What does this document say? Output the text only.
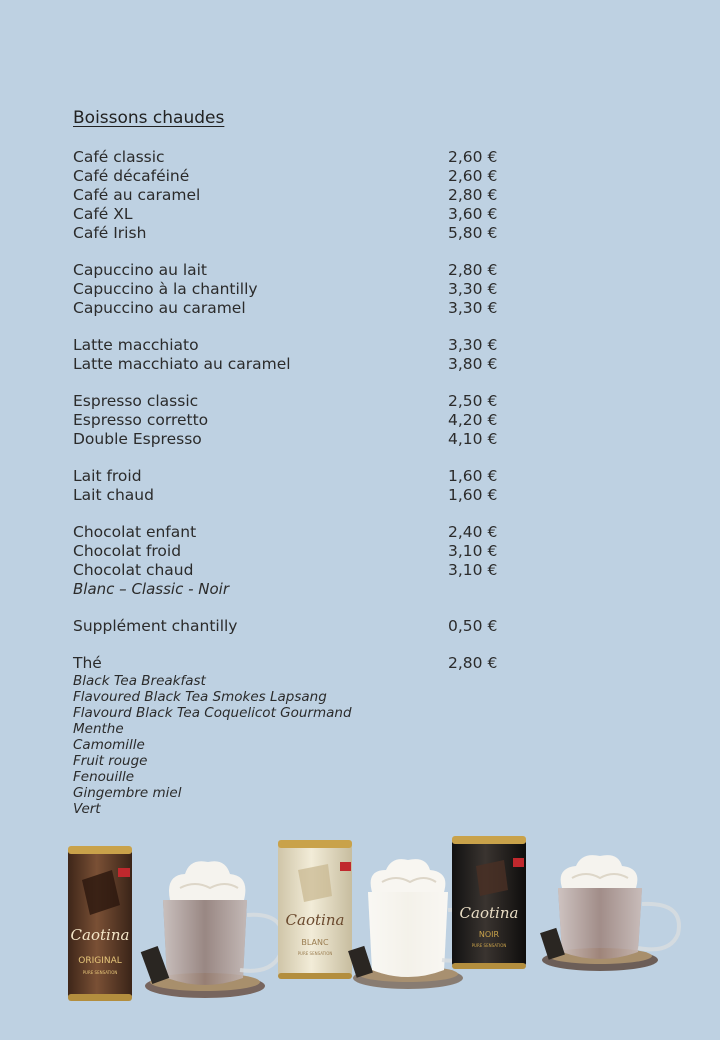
Boissons chaudes
Café classic	2,60 €
Café décaféiné	2,60 €
Café au caramel	2,80 €
Café XL	3,60 €
Café Irish	5,80 €
Capuccino au lait	2,80 €
Capuccino à la chantilly	3,30 €
Capuccino au caramel	3,30 €
Latte macchiato	3,30 €
Latte macchiato au caramel	3,80 €
Espresso classic	2,50 €
Espresso corretto	4,20 €
Double Espresso	4,10 €
Lait froid	1,60 €
Lait chaud	1,60 €
Chocolat enfant	2,40 €
Chocolat froid	3,10 €
Chocolat chaud	3,10 €
Blanc – Classic - Noir
Supplément chantilly	0,50 €
Thé	2,80 €
Black Tea Breakfast
Flavoured Black Tea Smokes Lapsang
Flavourd Black Tea Coquelicot Gourmand
Menthe
Camomille
Fruit rouge
Fenouille
Gingembre miel
Vert
Caotina
ORIGINAL
PURE SENSATION
Caotina
BLANC
PURE SENSATION
Caotina
NOIR
PURE SENSATION
